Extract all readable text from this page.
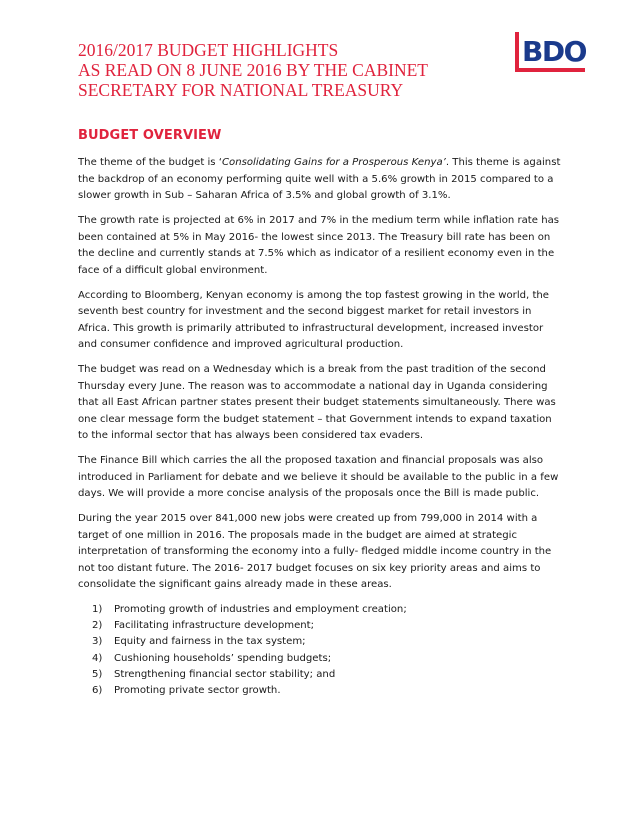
2016/2017 BUDGET HIGHLIGHTS
AS READ ON 8 JUNE 2016 BY THE CABINET
SECRETARY FOR NATIONAL TREASURY
BDO
BUDGET OVERVIEW

The theme of the budget is ‘Consolidating Gains for a Prosperous Kenya’. This theme is against the backdrop of an economy performing quite well with a 5.6% growth in 2015 compared to a slower growth in Sub – Saharan Africa of 3.5% and global growth of 3.1%.

The growth rate is projected at 6% in 2017 and 7% in the medium term while inflation rate has been contained at 5% in May 2016- the lowest since 2013. The Treasury bill rate has been on the decline and currently stands at 7.5% which as indicator of a resilient economy even in the face of a difficult global environment.

According to Bloomberg, Kenyan economy is among the top fastest growing in the world, the seventh best country for investment and the second biggest market for retail investors in Africa. This growth is primarily attributed to infrastructural development, increased investor and consumer confidence and improved agricultural production.

The budget was read on a Wednesday which is a break from the past tradition of the second Thursday every June. The reason was to accommodate a national day in Uganda considering that all East African partner states present their budget statements simultaneously. There was one clear message form the budget statement – that Government intends to expand taxation to the informal sector that has always been considered tax evaders.

The Finance Bill which carries the all the proposed taxation and financial proposals was also introduced in Parliament for debate and we believe it should be available to the public in a few days. We will provide a more concise analysis of the proposals once the Bill is made public.

During the year 2015 over 841,000 new jobs were created up from 799,000 in 2014 with a target of one million in 2016. The proposals made in the budget are aimed at strategic interpretation of transforming the economy into a fully- fledged middle income country in the not too distant future. The 2016- 2017 budget focuses on six key priority areas and aims to consolidate the significant gains already made in these areas.

1)	Promoting growth of industries and employment creation;
2)	Facilitating infrastructure development;
3)	Equity and fairness in the tax system;
4)	Cushioning households’ spending budgets;
5)	Strengthening financial sector stability; and
6)	Promoting private sector growth.
